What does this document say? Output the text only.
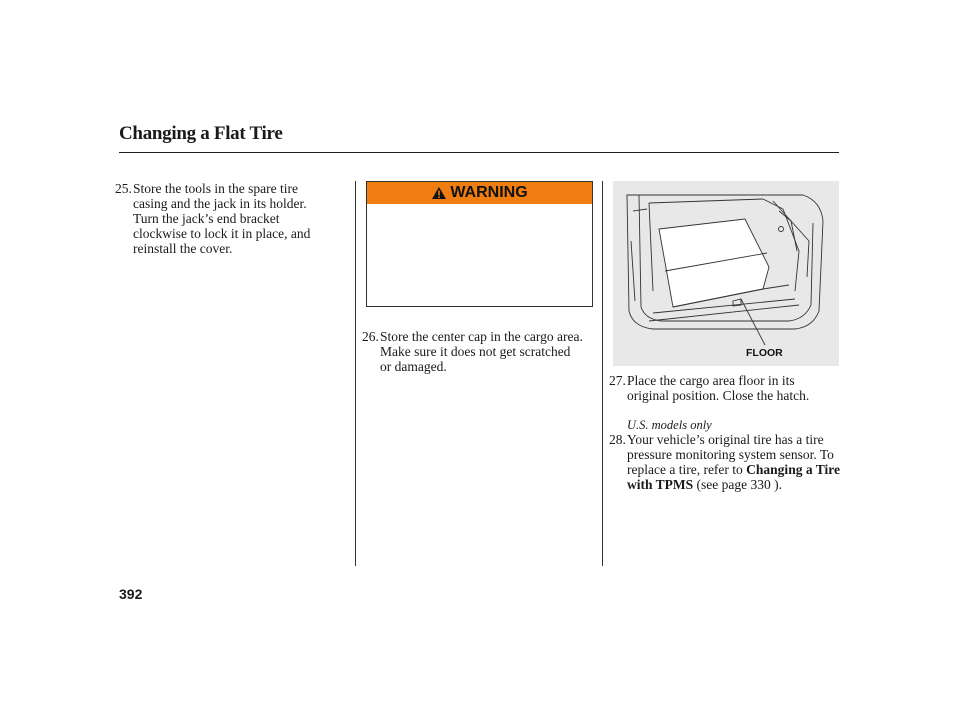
Changing a Flat Tire
25. Store the tools in the spare tire casing and the jack in its holder. Turn the jack’s end bracket clockwise to lock it in place, and reinstall the cover.
WARNING
26. Store the center cap in the cargo area. Make sure it does not get scratched or damaged.
FLOOR
27. Place the cargo area floor in its original position. Close the hatch.
U.S. models only
28. Your vehicle’s original tire has a tire pressure monitoring system sensor. To replace a tire, refer to Changing a Tire with TPMS (see page 330 ).
392
